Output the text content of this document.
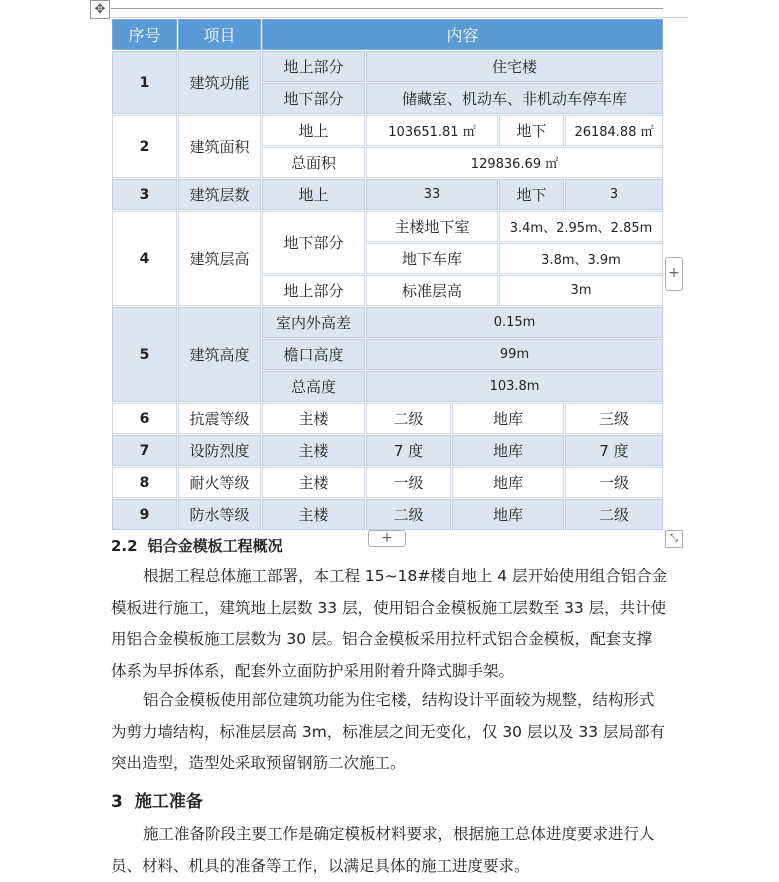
✥
序号	项目	内容				
1	建筑功能	地上部分	住宅楼			
		地下部分	储藏室、机动车、非机动车停车库			
2	建筑面积	地上	103651.81 ㎡		地下	26184.88 ㎡
		总面积	129836.69 ㎡			
3	建筑层数	地上	33		地下	3
4	建筑层高	地下部分	主楼地下室		3.4m、2.95m、2.85m	
			地下车库		3.8m、3.9m	
		地上部分	标准层高		3m	
5	建筑高度	室内外高差	0.15m			
		檐口高度	99m			
		总高度	103.8m			
6	抗震等级	主楼	二级	地库		三级
7	设防烈度	主楼	7 度	地库		7 度
8	耐火等级	主楼	一级	地库		一级
9	防水等级	主楼	二级	地库		二级
+
+	⤡
2.2 铝合金模板工程概况
根据工程总体施工部署，本工程 15~18#楼自地上 4 层开始使用组合铝合金
模板进行施工，建筑地上层数 33 层，使用铝合金模板施工层数至 33 层，共计使
用铝合金模板施工层数为 30 层。铝合金模板采用拉杆式铝合金模板，配套支撑
体系为早拆体系，配套外立面防护采用附着升降式脚手架。
铝合金模板使用部位建筑功能为住宅楼，结构设计平面较为规整，结构形式
为剪力墙结构，标准层层高 3m，标准层之间无变化，仅 30 层以及 33 层局部有
突出造型，造型处采取预留钢筋二次施工。
3 施工准备
施工准备阶段主要工作是确定模板材料要求，根据施工总体进度要求进行人
员、材料、机具的准备等工作，以满足具体的施工进度要求。
